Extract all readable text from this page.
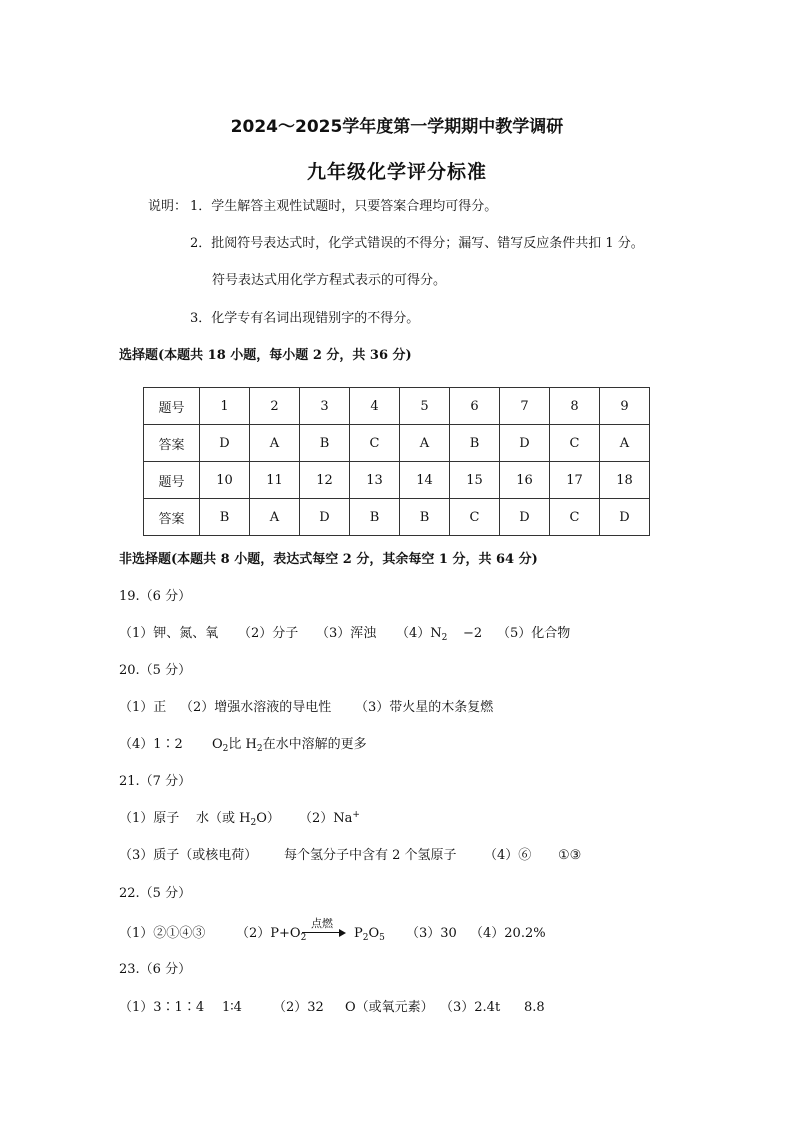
2024～2025学年度第一学期期中教学调研
九年级化学评分标准
说明： 1．学生解答主观性试题时，只要答案合理均可得分。
2．批阅符号表达式时，化学式错误的不得分；漏写、错写反应条件共扣 1 分。
符号表达式用化学方程式表示的可得分。
3．化学专有名词出现错别字的不得分。
选择题(本题共 18 小题，每小题 2 分，共 36 分)
题号	1	2	3	4	5	6	7	8	9
答案	D	A	B	C	A	B	D	C	A
题号	10	11	12	13	14	15	16	17	18
答案	B	A	D	B	B	C	D	C	D
非选择题(本题共 8 小题，表达式每空 2 分，其余每空 1 分，共 64 分)
19.（6 分）
（1）钾、氮、氧 （2）分子 （3）浑浊 $(4)N_2 -2$ （5）化合物
20.（5 分）
（1）正 （2）增强水溶液的导电性 （3）带火星的木条复燃
（4）1∶2 $O_2$比 $H_2$在水中溶解的更多
21.（7 分）
（1）原子 水（或 $H_2O$） （2）Na+
（3）质子（或核电荷） 每个氢分子中含有 2 个氢原子 （4）⑥ ①③
22.（5 分）
（1）②①④③ $(2)P+O_2$
点燃
$P_2O_5$ （3）30 （4）20.2%
23.（6 分）
（1）3∶1∶4 1∶4 （2）32 O（或氧元素） （3）2.4t 8.8
